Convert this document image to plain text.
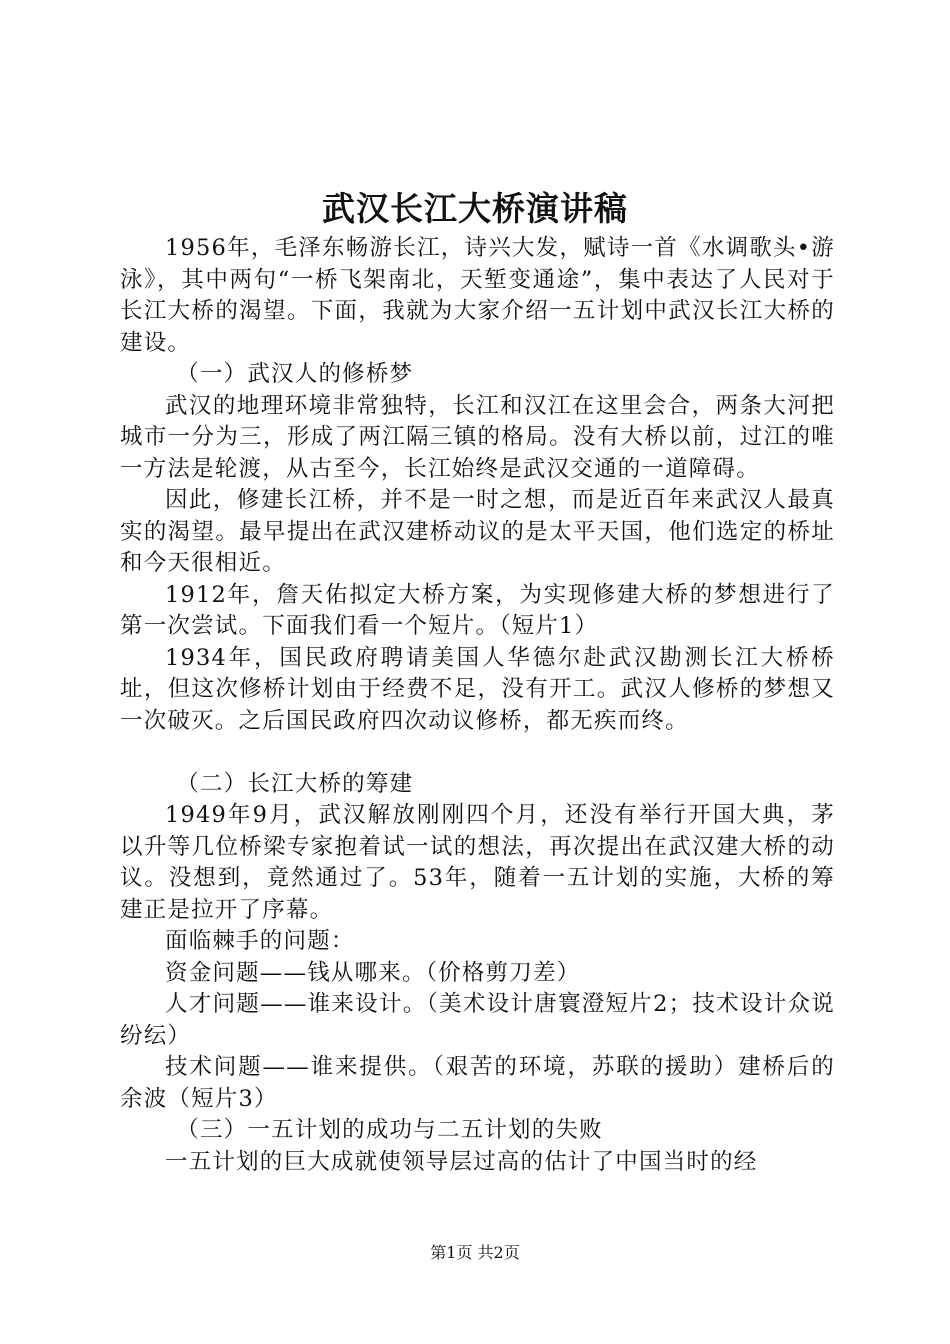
武汉长江大桥演讲稿

1956年，毛泽东畅游长江，诗兴大发，赋诗一首《水调歌头•游泳》，其中两句“一桥飞架南北，天堑变通途”，集中表达了人民对于长江大桥的渴望。下面，我就为大家介绍一五计划中武汉长江大桥的建设。

（一）武汉人的修桥梦

武汉的地理环境非常独特，长江和汉江在这里会合，两条大河把城市一分为三，形成了两江隔三镇的格局。没有大桥以前，过江的唯一方法是轮渡，从古至今，长江始终是武汉交通的一道障碍。

因此，修建长江桥，并不是一时之想，而是近百年来武汉人最真实的渴望。最早提出在武汉建桥动议的是太平天国，他们选定的桥址和今天很相近。

1912年，詹天佑拟定大桥方案，为实现修建大桥的梦想进行了第一次尝试。下面我们看一个短片。（短片1）

1934年，国民政府聘请美国人华德尔赴武汉勘测长江大桥桥址，但这次修桥计划由于经费不足，没有开工。武汉人修桥的梦想又一次破灭。之后国民政府四次动议修桥，都无疾而终。

（二）长江大桥的筹建

1949年9月，武汉解放刚刚四个月，还没有举行开国大典，茅以升等几位桥梁专家抱着试一试的想法，再次提出在武汉建大桥的动议。没想到，竟然通过了。53年，随着一五计划的实施，大桥的筹建正是拉开了序幕。

面临棘手的问题：

资金问题——钱从哪来。（价格剪刀差）

人才问题——谁来设计。（美术设计唐寰澄短片2；技术设计众说纷纭）

技术问题——谁来提供。（艰苦的环境，苏联的援助）建桥后的余波（短片3）

（三）一五计划的成功与二五计划的失败

一五计划的巨大成就使领导层过高的估计了中国当时的经

第1页 共2页
